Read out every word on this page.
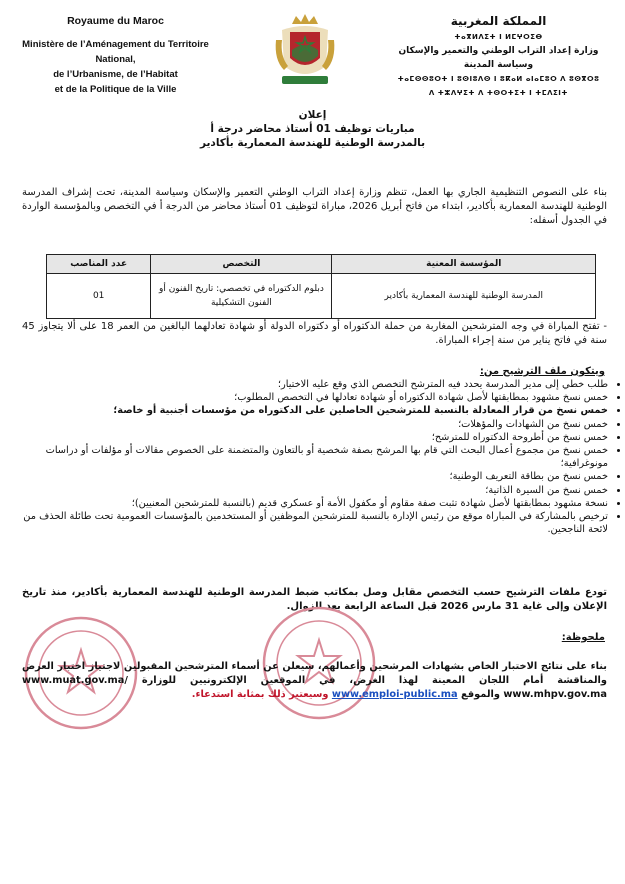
Royaume du Maroc
Ministère de l’Aménagement du Territoire National,
de l’Urbanisme, de l’Habitat
et de la Politique de la Ville
المملكة المغربية
ⵜⴰⴳⵍⴷⵉⵜ ⵏ ⵍⵎⵖⵔⵉⴱ
وزارة إعداد التراب الوطني والتعمير والإسكان وسياسة المدينة
ⵜⴰⵎⵙⵙⵓⵔⵜ ⵏ ⵓⵙⵏⵓⴷⵙ ⵏ ⵓⴽⴰⵍ ⴰⵏⴰⵎⵓⵔ ⴷ ⵓⵙⴳⵔⵓ
ⴷ ⵜⵣⴷⵖⵉⵜ ⴷ ⵜⵙⵔⵜⵉⵜ ⵏ ⵜⵎⴷⵉⵏⵜ
إعلان
مباريات توظيف 01 أستاذ محاضر درجة أ
بالمدرسة الوطنية للهندسة المعمارية بأكادير
بناء على النصوص التنظيمية الجاري بها العمل، تنظم وزارة إعداد التراب الوطني التعمير والإسكان وسياسة المدينة، تحت إشراف المدرسة الوطنية للهندسة المعمارية بأكادير، ابتداء من فاتح أبريل 2026، مباراة لتوظيف 01 أستاذ محاضر من الدرجة أ في التخصص وبالمؤسسة الواردة في الجدول أسفله:
المؤسسة المعنية	التخصص	عدد المناصب
المدرسة الوطنية للهندسة المعمارية بأكادير	دبلوم الدكتوراه في تخصصي: تاريخ الفنون أو الفنون التشكيلية	01
- تفتح المباراة في وجه المترشحين المغاربة من حملة الدكتوراه أو دكتوراه الدولة أو شهادة تعادلهما البالغين من العمر 18 على ألا يتجاوز 45 سنة في فاتح يناير من سنة إجراء المباراة.
ويتكون ملف الترشيح من:
• طلب خطي إلى مدير المدرسة يحدد فيه المترشح التخصص الذي وقع عليه الاختيار؛
• خمس نسخ مشهود بمطابقتها لأصل شهادة الدكتوراه أو شهادة تعادلها في التخصص المطلوب؛
• خمس نسخ من قرار المعادلة بالنسبة للمترشحين الحاصلين على الدكتوراه من مؤسسات أجنبية أو خاصة؛
• خمس نسخ من الشهادات والمؤهلات؛
• خمس نسخ من أطروحة الدكتوراه للمترشح؛
• خمس نسخ من مجموع أعمال البحث التي قام بها المرشح بصفة شخصية أو بالتعاون والمتضمنة على الخصوص مقالات أو مؤلفات أو دراسات مونوغرافية؛
• خمس نسخ من بطاقة التعريف الوطنية؛
• خمس نسخ من السيرة الذاتية؛
• نسخة مشهود بمطابقتها لأصل شهادة تثبت صفة مقاوم أو مكفول الأمة أو عسكري قديم (بالنسبة للمترشحين المعنيين)؛
• ترخيص بالمشاركة في المباراة موقع من رئيس الإدارة بالنسبة للمترشحين الموظفين أو المستخدمين بالمؤسسات العمومية تحت طائلة الحذف من لائحة الناجحين.
تودع ملفات الترشيح حسب التخصص مقابل وصل بمكاتب ضبط المدرسة الوطنية للهندسة المعمارية بأكادير، منذ تاريخ الإعلان وإلى غاية 31 مارس 2026 قبل الساعة الرابعة بعد الزوال.
ملحوظة:
بناء على نتائج الاختبار الخاص بشهادات المرشحين وأعمالهم، سيعلن عن أسماء المترشحين المقبولين لاجتياز اختبار العرض والمناقشة أمام اللجان المعينة لهذا الغرض، في الموقعين الإلكترونيين للوزارة www.muat.gov.ma/ www.mhpv.gov.ma والموقع www.emploi-public.ma وسيعتبر ذلك بمثابة استدعاء.
